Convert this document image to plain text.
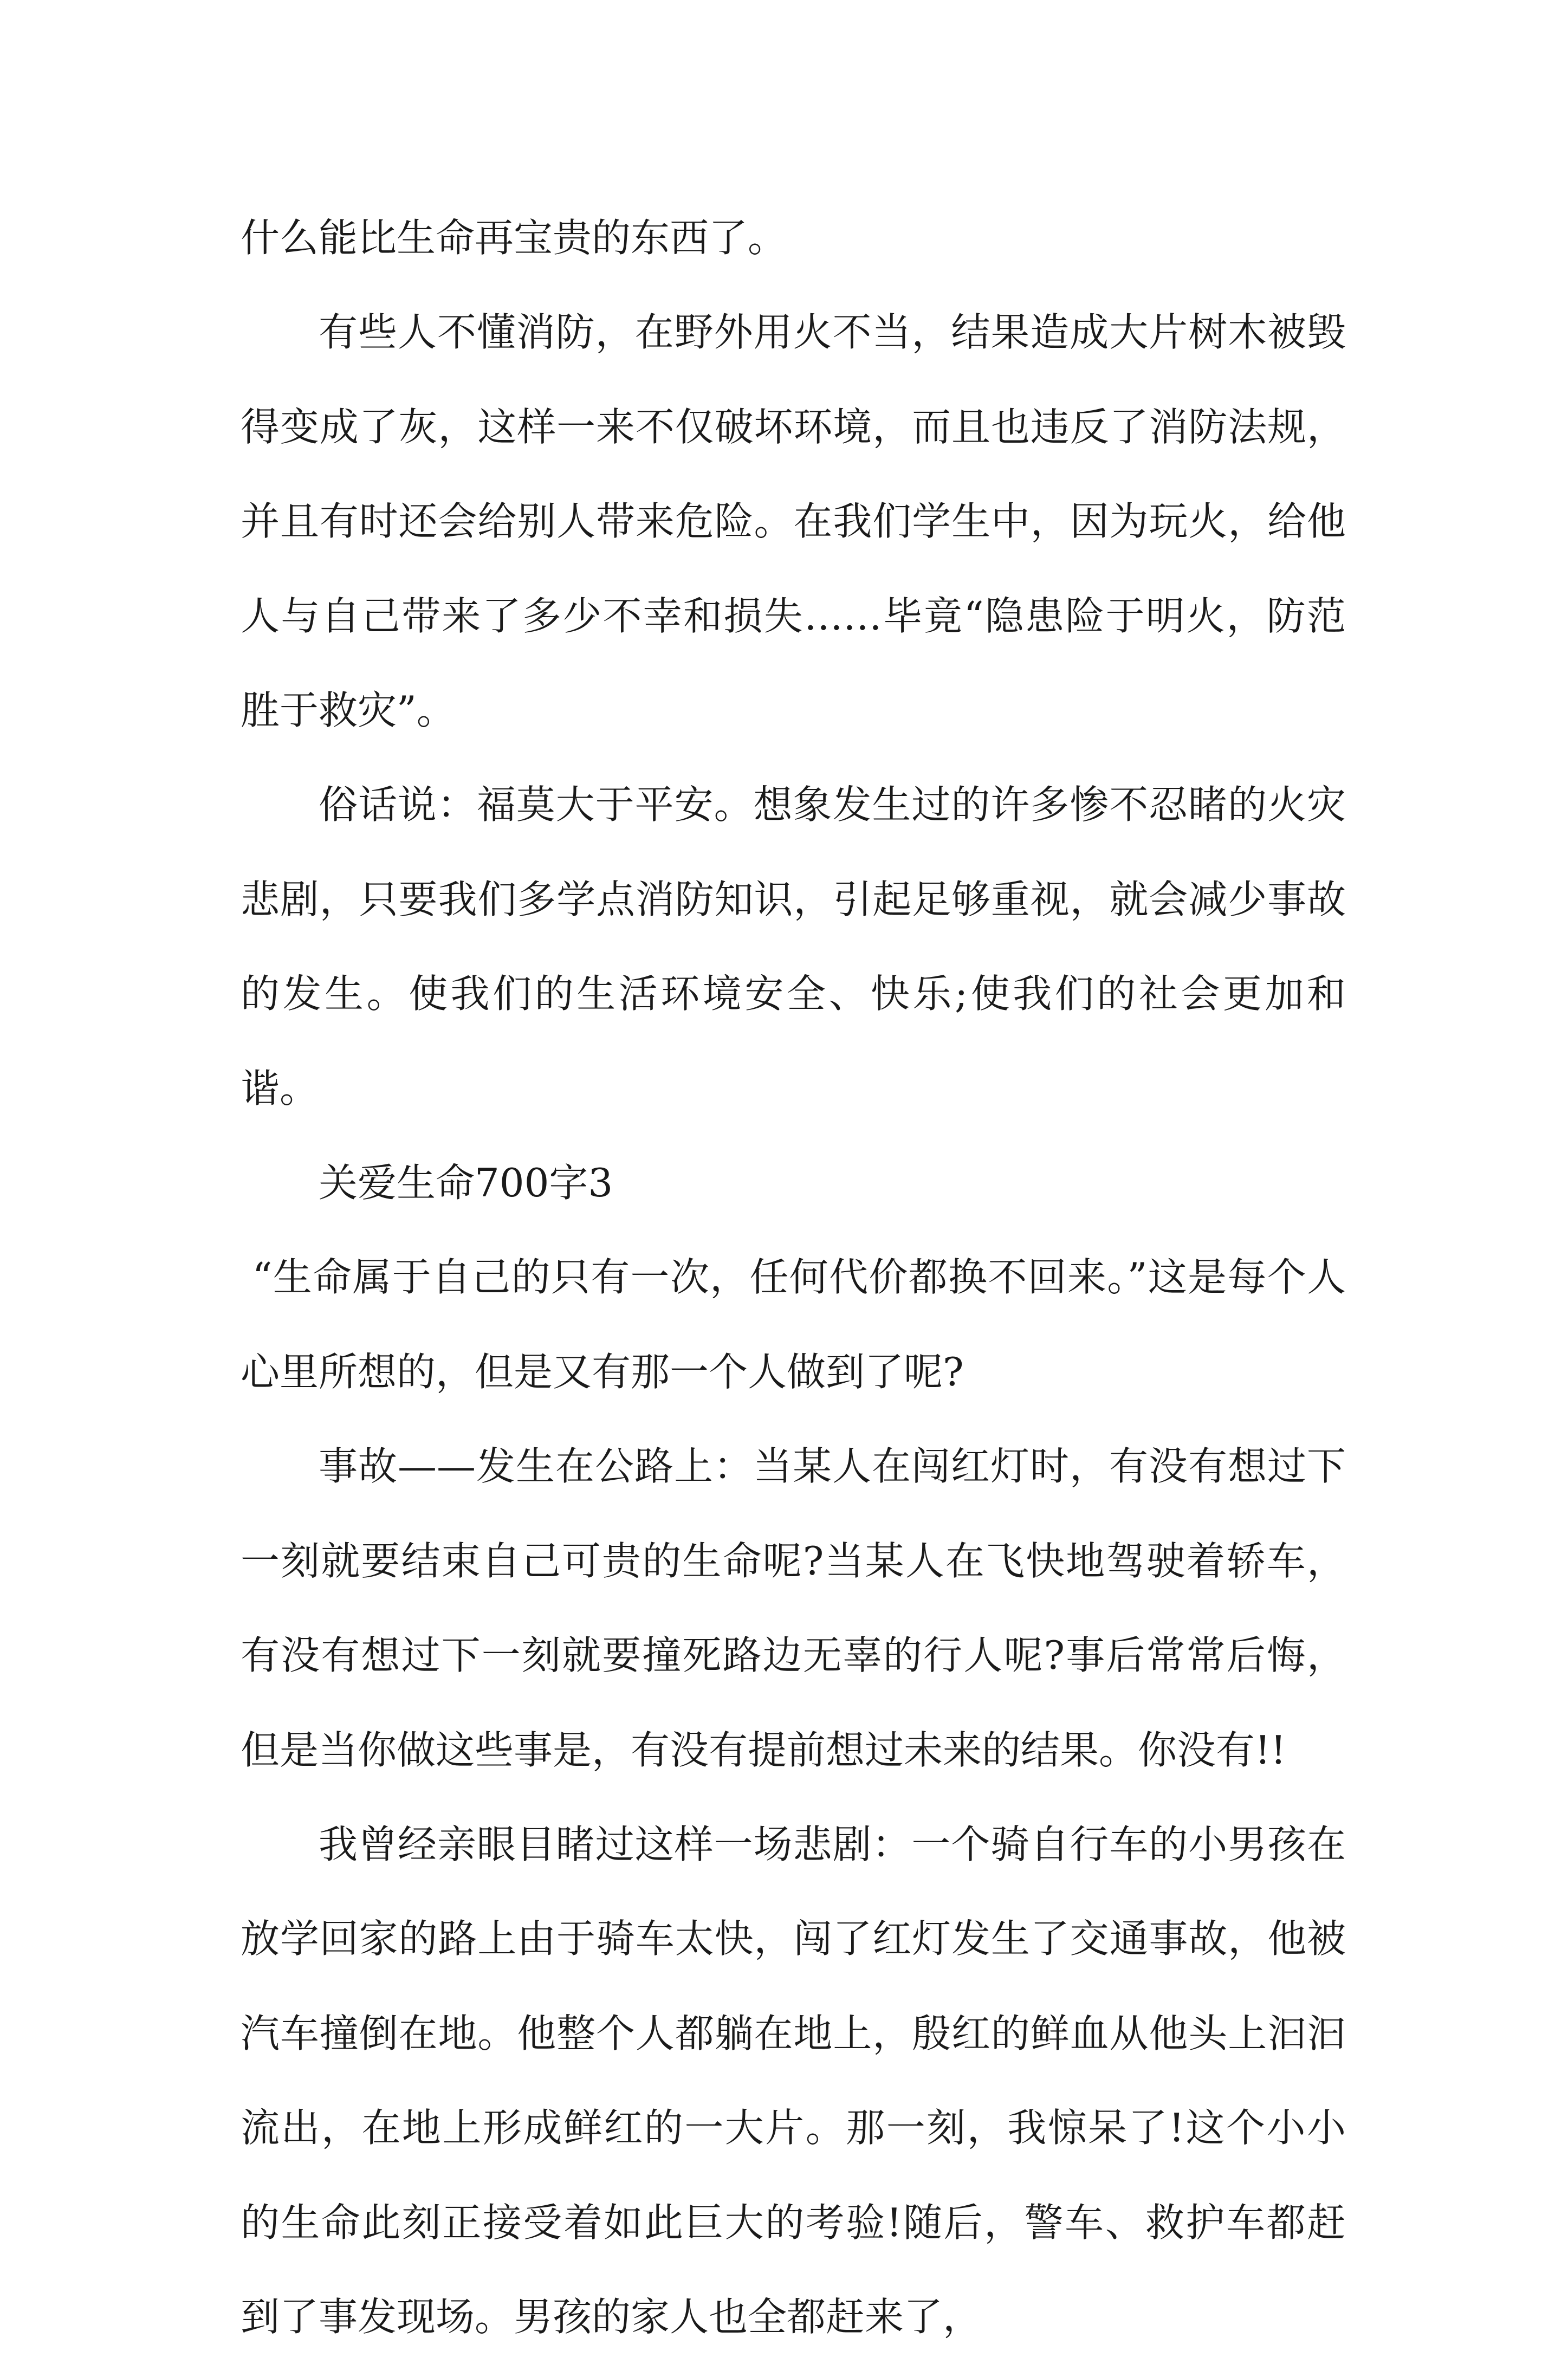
什么能比生命再宝贵的东西了。

有些人不懂消防，在野外用火不当，结果造成大片树木被毁得变成了灰，这样一来不仅破坏环境，而且也违反了消防法规，并且有时还会给别人带来危险。在我们学生中，因为玩火，给他人与自己带来了多少不幸和损失……毕竟“隐患险于明火，防范胜于救灾”。

俗话说：福莫大于平安。想象发生过的许多惨不忍睹的火灾悲剧，只要我们多学点消防知识，引起足够重视，就会减少事故的发生。使我们的生活环境安全、快乐;使我们的社会更加和谐。

关爱生命700字3

“生命属于自己的只有一次，任何代价都换不回来。”这是每个人心里所想的，但是又有那一个人做到了呢?

事故——发生在公路上：当某人在闯红灯时，有没有想过下一刻就要结束自己可贵的生命呢?当某人在飞快地驾驶着轿车，有没有想过下一刻就要撞死路边无辜的行人呢?事后常常后悔，但是当你做这些事是，有没有提前想过未来的结果。你没有!!

我曾经亲眼目睹过这样一场悲剧：一个骑自行车的小男孩在放学回家的路上由于骑车太快，闯了红灯发生了交通事故，他被汽车撞倒在地。他整个人都躺在地上，殷红的鲜血从他头上汩汩流出，在地上形成鲜红的一大片。那一刻，我惊呆了!这个小小的生命此刻正接受着如此巨大的考验!随后，警车、救护车都赶到了事发现场。男孩的家人也全都赶来了，
